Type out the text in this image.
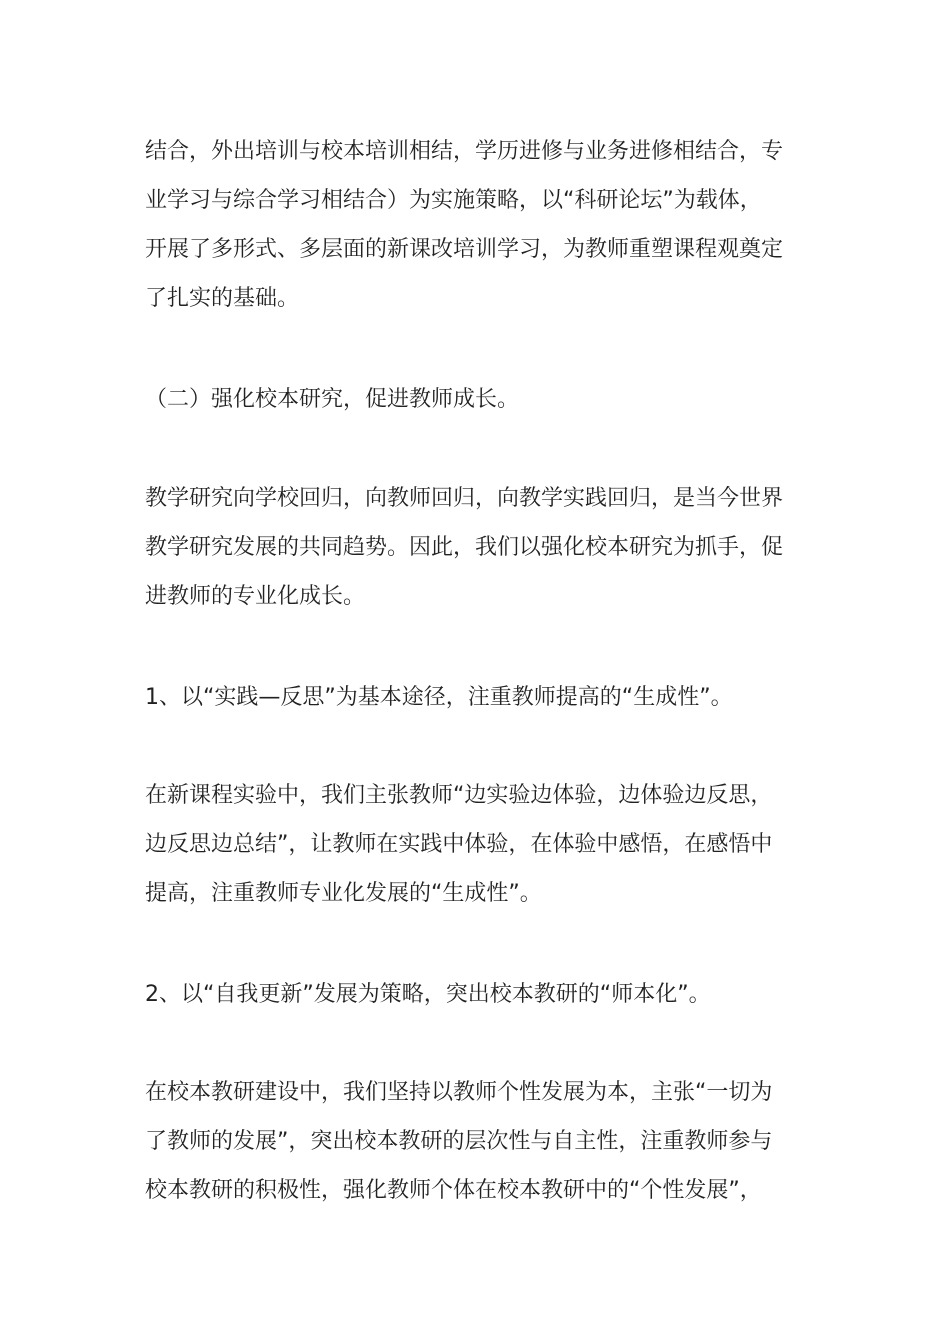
结合，外出培训与校本培训相结，学历进修与业务进修相结合，专
业学习与综合学习相结合）为实施策略，以“科研论坛”为载体，
开展了多形式、多层面的新课改培训学习，为教师重塑课程观奠定
了扎实的基础。

（二）强化校本研究，促进教师成长。

教学研究向学校回归，向教师回归，向教学实践回归，是当今世界
教学研究发展的共同趋势。因此，我们以强化校本研究为抓手，促
进教师的专业化成长。

1、以“实践—反思”为基本途径，注重教师提高的“生成性”。

在新课程实验中，我们主张教师“边实验边体验，边体验边反思，
边反思边总结”，让教师在实践中体验，在体验中感悟，在感悟中
提高，注重教师专业化发展的“生成性”。

2、以“自我更新”发展为策略，突出校本教研的“师本化”。

在校本教研建设中，我们坚持以教师个性发展为本，主张“一切为
了教师的发展”，突出校本教研的层次性与自主性，注重教师参与
校本教研的积极性，强化教师个体在校本教研中的“个性发展”，
